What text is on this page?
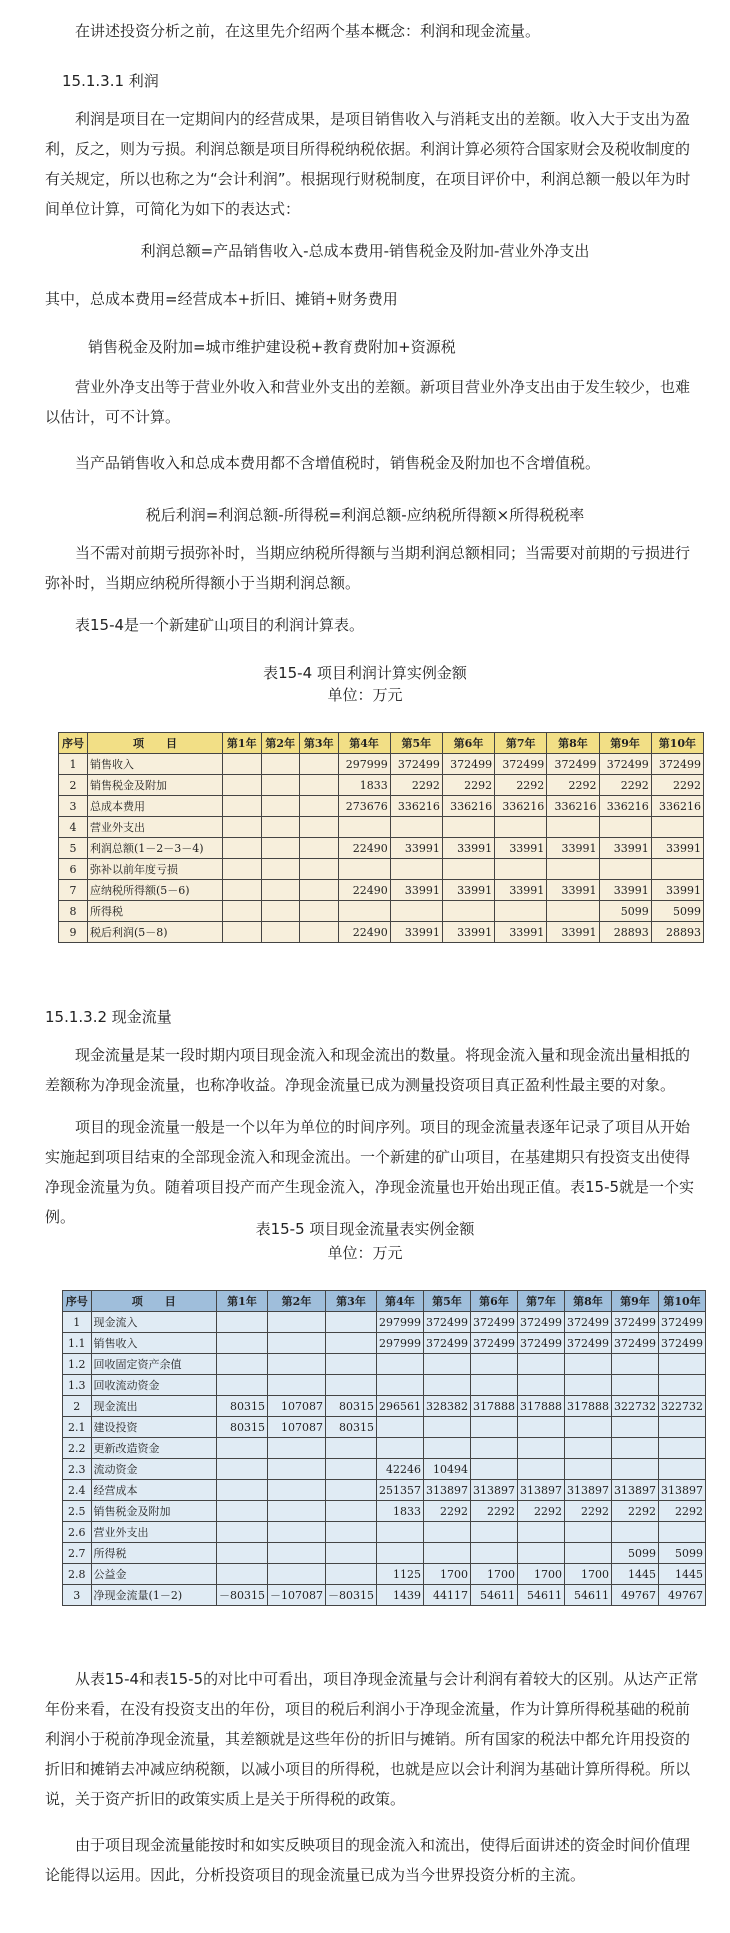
在讲述投资分析之前，在这里先介绍两个基本概念：利润和现金流量。
15.1.3.1 利润
利润是项目在一定期间内的经营成果，是项目销售收入与消耗支出的差额。收入大于支出为盈利，反之，则为亏损。利润总额是项目所得税纳税依据。利润计算必须符合国家财会及税收制度的有关规定，所以也称之为“会计利润”。根据现行财税制度，在项目评价中，利润总额一般以年为时间单位计算，可简化为如下的表达式：
利润总额=产品销售收入-总成本费用-销售税金及附加-营业外净支出
其中，总成本费用=经营成本+折旧、摊销+财务费用
销售税金及附加=城市维护建设税+教育费附加+资源税
营业外净支出等于营业外收入和营业外支出的差额。新项目营业外净支出由于发生较少，也难以估计，可不计算。
当产品销售收入和总成本费用都不含增值税时，销售税金及附加也不含增值税。
税后利润=利润总额-所得税=利润总额-应纳税所得额×所得税税率
当不需对前期亏损弥补时，当期应纳税所得额与当期利润总额相同；当需要对前期的亏损进行弥补时，当期应纳税所得额小于当期利润总额。
表15-4是一个新建矿山项目的利润计算表。
表15-4 项目利润计算实例金额
单位：万元
序号	项　　目	第1年	第2年	第3年	第4年	第5年	第6年	第7年	第8年	第9年	第10年
1	销售收入				297999	372499	372499	372499	372499	372499	372499
2	销售税金及附加				1833	2292	2292	2292	2292	2292	2292
3	总成本费用				273676	336216	336216	336216	336216	336216	336216
4	营业外支出										
5	利润总额(1－2－3－4)				22490	33991	33991	33991	33991	33991	33991
6	弥补以前年度亏损										
7	应纳税所得额(5－6)				22490	33991	33991	33991	33991	33991	33991
8	所得税									5099	5099
9	税后利润(5－8)				22490	33991	33991	33991	33991	28893	28893
15.1.3.2 现金流量
现金流量是某一段时期内项目现金流入和现金流出的数量。将现金流入量和现金流出量相抵的差额称为净现金流量，也称净收益。净现金流量已成为测量投资项目真正盈利性最主要的对象。
项目的现金流量一般是一个以年为单位的时间序列。项目的现金流量表逐年记录了项目从开始实施起到项目结束的全部现金流入和现金流出。一个新建的矿山项目，在基建期只有投资支出使得净现金流量为负。随着项目投产而产生现金流入，净现金流量也开始出现正值。表15-5就是一个实例。
表15-5 项目现金流量表实例金额
单位：万元
序号	项　　目	第1年	第2年	第3年	第4年	第5年	第6年	第7年	第8年	第9年	第10年
1	现金流入				297999	372499	372499	372499	372499	372499	372499
1.1	销售收入				297999	372499	372499	372499	372499	372499	372499
1.2	回收固定资产余值										
1.3	回收流动资金										
2	现金流出	80315	107087	80315	296561	328382	317888	317888	317888	322732	322732
2.1	建设投资	80315	107087	80315							
2.2	更新改造资金										
2.3	流动资金				42246	10494					
2.4	经营成本				251357	313897	313897	313897	313897	313897	313897
2.5	销售税金及附加				1833	2292	2292	2292	2292	2292	2292
2.6	营业外支出										
2.7	所得税									5099	5099
2.8	公益金				1125	1700	1700	1700	1700	1445	1445
3	净现金流量(1－2)	－80315	－107087	－80315	1439	44117	54611	54611	54611	49767	49767
从表15-4和表15-5的对比中可看出，项目净现金流量与会计利润有着较大的区别。从达产正常年份来看，在没有投资支出的年份，项目的税后利润小于净现金流量，作为计算所得税基础的税前利润小于税前净现金流量，其差额就是这些年份的折旧与摊销。所有国家的税法中都允许用投资的折旧和摊销去冲减应纳税额，以减小项目的所得税，也就是应以会计利润为基础计算所得税。所以说，关于资产折旧的政策实质上是关于所得税的政策。
由于项目现金流量能按时和如实反映项目的现金流入和流出，使得后面讲述的资金时间价值理论能得以运用。因此，分析投资项目的现金流量已成为当今世界投资分析的主流。
